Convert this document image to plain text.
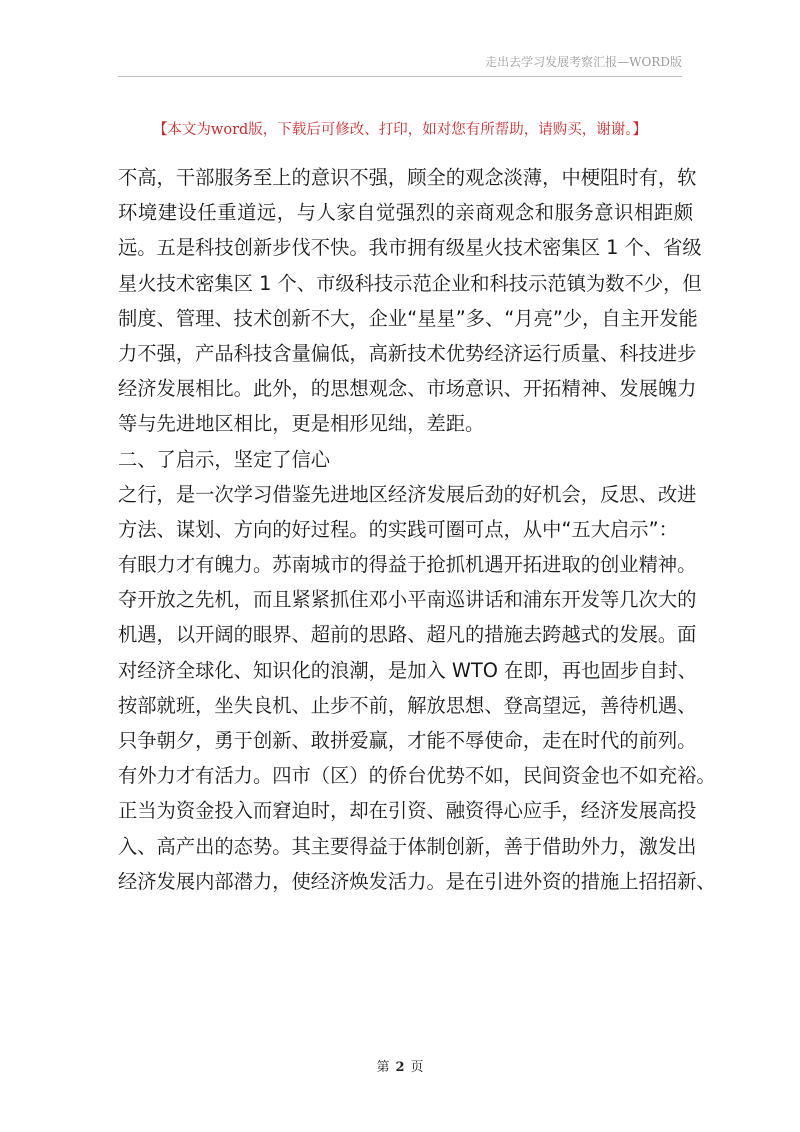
走出去学习发展考察汇报—WORD版
【本文为word版，下载后可修改、打印，如对您有所帮助，请购买，谢谢。】
不高，干部服务至上的意识不强，顾全的观念淡薄，中梗阻时有，软
环境建设任重道远，与人家自觉强烈的亲商观念和服务意识相距颇
远。五是科技创新步伐不快。我市拥有级星火技术密集区 1 个、省级
星火技术密集区 1 个、市级科技示范企业和科技示范镇为数不少，但
制度、管理、技术创新不大，企业“星星”多、“月亮”少，自主开发能
力不强，产品科技含量偏低，高新技术优势经济运行质量、科技进步
经济发展相比。此外，的思想观念、市场意识、开拓精神、发展魄力
等与先进地区相比，更是相形见绌，差距。
二、了启示，坚定了信心
之行，是一次学习借鉴先进地区经济发展后劲的好机会，反思、改进
方法、谋划、方向的好过程。的实践可圈可点，从中“五大启示”：
有眼力才有魄力。苏南城市的得益于抢抓机遇开拓进取的创业精神。
夺开放之先机，而且紧紧抓住邓小平南巡讲话和浦东开发等几次大的
机遇，以开阔的眼界、超前的思路、超凡的措施去跨越式的发展。面
对经济全球化、知识化的浪潮，是加入 WTO 在即，再也固步自封、
按部就班，坐失良机、止步不前，解放思想、登高望远，善待机遇、
只争朝夕，勇于创新、敢拼爱赢，才能不辱使命，走在时代的前列。
有外力才有活力。四市（区）的侨台优势不如，民间资金也不如充裕。
正当为资金投入而窘迫时，却在引资、融资得心应手，经济发展高投
入、高产出的态势。其主要得益于体制创新，善于借助外力，激发出
经济发展内部潜力，使经济焕发活力。是在引进外资的措施上招招新、
第 2 页
